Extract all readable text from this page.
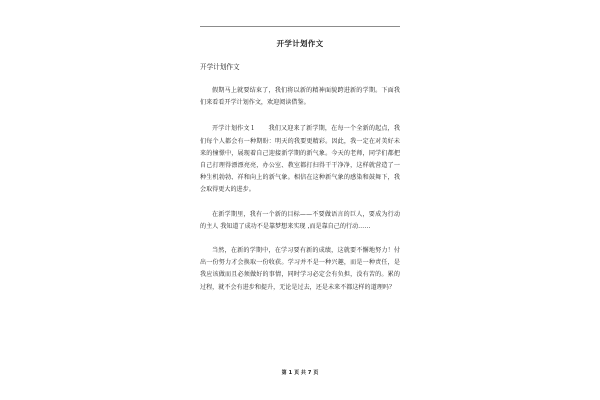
开学计划作文
开学计划作文

假期马上就要结束了，我们将以新的精神面貌跨进新的学期。下面我们来看看开学计划作文，欢迎阅读借鉴。

开学计划作文１　　我们又迎来了新学期，在每一个全新的起点，我们每个人都会有一种期盼：明天的我要更精彩。因此，我一定在对美好未来的憧憬中，展现着自己迎接新学期的新气象。今天的老师，同学们都把自己打理得漂漂亮亮，办公室、教室都打扫得干干净净，这样就营造了一种生机勃勃、祥和向上的新气象。相信在这种新气象的感染和鼓舞下，我会取得更大的进步。

在新学期里，我有一个新的目标——不要做语言的巨人，要成为行动的主人 我知道了成功不是靠梦想来实现 ,而是靠自己的行动……

当然，在新的学期中，在学习要有新的成绩，这就要不懈地努力！付出一份努力才会换取一份收获。学习并不是一种兴趣，而是一种责任，是我应该做而且必须做好的事情，同时学习必定会有负担，没有苦的。累的过程，就不会有进步和提升，无论是过去，还是未来不都这样的道理吗？

第 1 页 共 7 页
